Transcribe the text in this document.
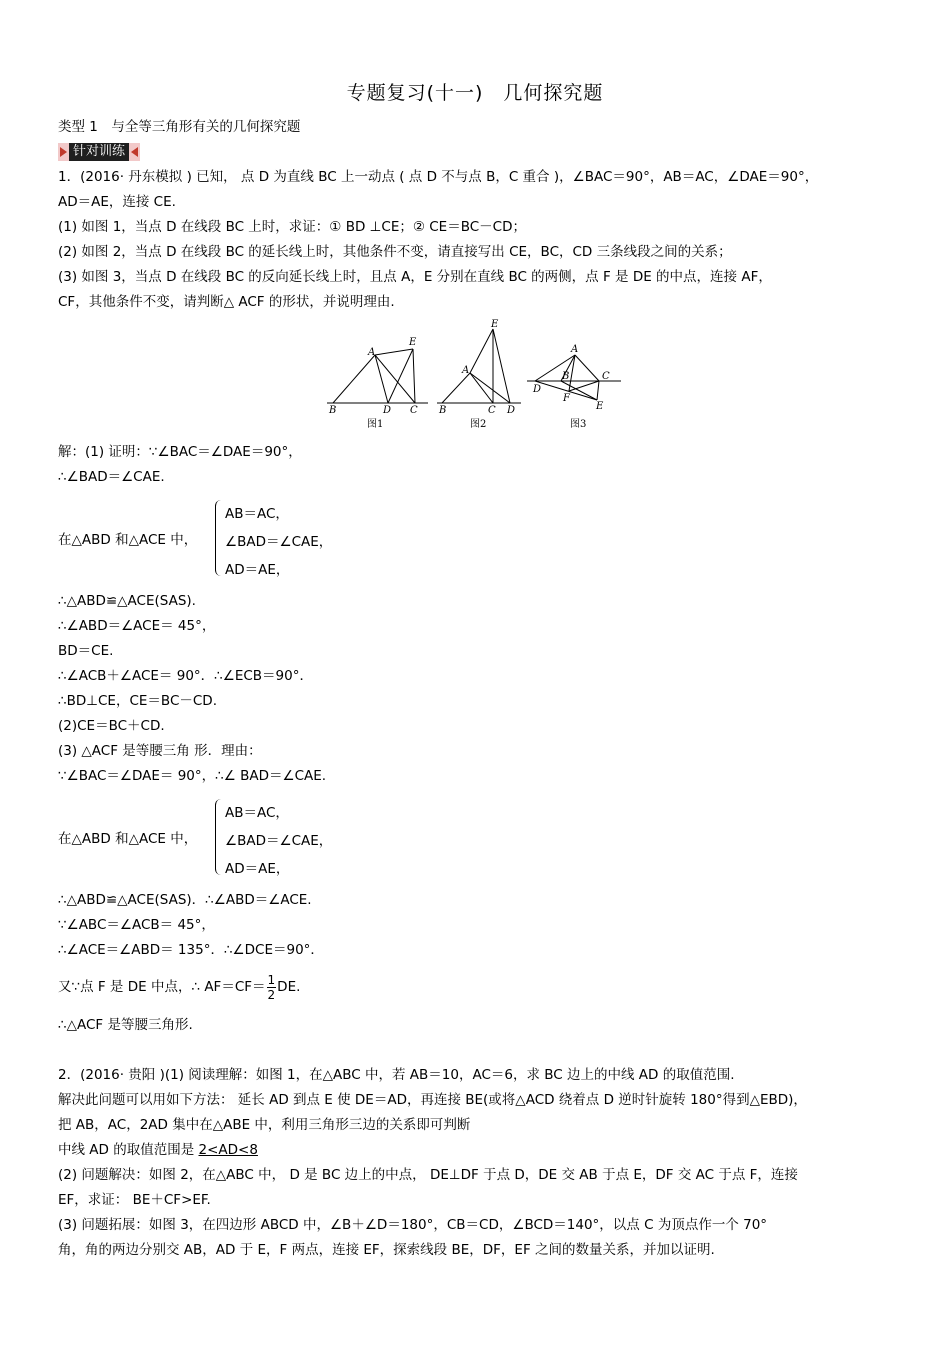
专题复习(十一)　几何探究题
类型 1　与全等三角形有关的几何探究题
针对训练
1．(2016· 丹东模拟 ) 已知， 点 D 为直线 BC 上一动点 ( 点 D 不与点 B，C 重合 )，∠BAC＝90°，AB＝AC，∠DAE＝90°，
AD＝AE，连接 CE.
(1) 如图 1，当点 D 在线段 BC 上时，求证：① BD ⊥CE；② CE＝BC－CD；
(2) 如图 2，当点 D 在线段 BC 的延长线上时，其他条件不变，请直接写出 CE，BC，CD 三条线段之间的关系；
(3) 如图 3，当点 D 在线段 BC 的反向延长线上时，且点 A，E 分别在直线 BC 的两侧，点 F 是 DE 的中点，连接 AF，
CF，其他条件不变，请判断△ ACF 的形状，并说明理由.
A
E
B	D C
图1
A
E
B	C D
图2
A
B	C
D
F
E
图3
解：(1) 证明：∵∠BAC＝∠DAE＝90°，
∴∠BAD＝∠CAE.
在△ABD 和△ACE 中，
AB＝AC，
∠BAD＝∠CAE，
AD＝AE，
∴△ABD≌△ACE(SAS).
∴∠ABD＝∠ACE＝ 45°，
BD＝CE.
∴∠ACB＋∠ACE＝ 90°．∴∠ECB＝90°．
∴BD⊥CE，CE＝BC－CD.
(2)CE＝BC＋CD.
(3) △ACF 是等腰三角 形．理由：
∵∠BAC＝∠DAE＝ 90°，∴∠ BAD＝∠CAE.
在△ABD 和△ACE 中，
AB＝AC，
∠BAD＝∠CAE，
AD＝AE，
∴△ABD≌△ACE(SAS)．∴∠ABD＝∠ACE.
∵∠ABC＝∠ACB＝ 45°，
∴∠ACE＝∠ABD＝ 135°．∴∠DCE＝90°．
又∵点 F 是 DE 中点，∴ $AF=CF= \frac{1}{2}$ DE.
∴△ACF 是等腰三角形.
2．(2016· 贵阳 )(1) 阅读理解：如图 1，在△ABC 中，若 AB＝10，AC＝6，求 BC 边上的中线 AD 的取值范围.
解决此问题可以用如下方法： 延长 AD 到点 E 使 DE＝AD，再连接 BE(或将△ACD 绕着点 D 逆时针旋转 180°得到△EBD)，
把 AB，AC，2AD 集中在△ABE 中，利用三角形三边的关系即可判断
中线 AD 的取值范围是 2<AD<8
(2) 问题解决：如图 2，在△ABC 中， D 是 BC 边上的中点， DE⊥DF 于点 D，DE 交 AB 于点 E，DF 交 AC 于点 F，连接
EF，求证： BE＋CF>EF.
(3) 问题拓展：如图 3，在四边形 ABCD 中，∠B＋∠D＝180°，CB＝CD，∠BCD＝140°，以点 C 为顶点作一个 70°
角，角的两边分别交 AB，AD 于 E，F 两点，连接 EF，探索线段 BE，DF，EF 之间的数量关系，并加以证明.
